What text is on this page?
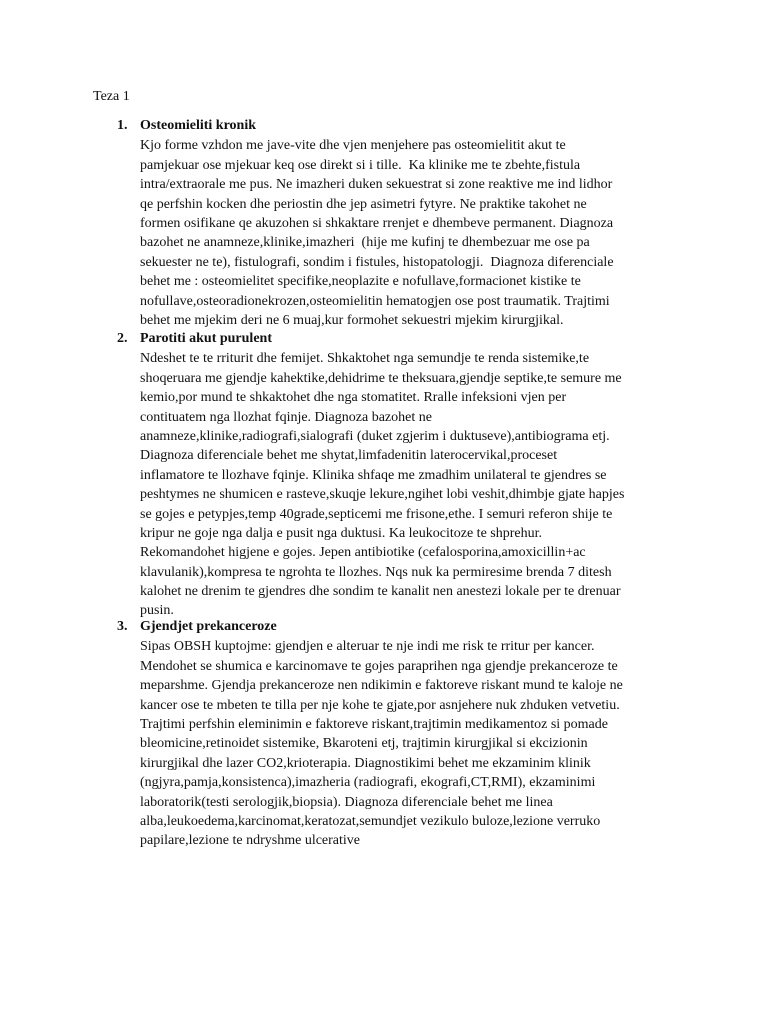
Teza 1
1. Osteomieliti kronik
Kjo forme vzhdon me jave-vite dhe vjen menjehere pas osteomielitit akut te
pamjekuar ose mjekuar keq ose direkt si i tille.  Ka klinike me te zbehte,fistula
intra/extraorale me pus. Ne imazheri duken sekuestrat si zone reaktive me ind lidhor
qe perfshin kocken dhe periostin dhe jep asimetri fytyre. Ne praktike takohet ne
formen osifikane qe akuzohen si shkaktare rrenjet e dhembeve permanent. Diagnoza
bazohet ne anamneze,klinike,imazheri  (hije me kufinj te dhembezuar me ose pa
sekuester ne te), fistulografi, sondim i fistules, histopatologji.  Diagnoza diferenciale
behet me : osteomielitet specifike,neoplazite e nofullave,formacionet kistike te
nofullave,osteoradionekrozen,osteomielitin hematogjen ose post traumatik. Trajtimi
behet me mjekim deri ne 6 muaj,kur formohet sekuestri mjekim kirurgjikal.
2. Parotiti akut purulent
Ndeshet te te rriturit dhe femijet. Shkaktohet nga semundje te renda sistemike,te
shoqeruara me gjendje kahektike,dehidrime te theksuara,gjendje septike,te semure me
kemio,por mund te shkaktohet dhe nga stomatitet. Rralle infeksioni vjen per
contituatem nga llozhat fqinje. Diagnoza bazohet ne
anamneze,klinike,radiografi,sialografi (duket zgjerim i duktuseve),antibiograma etj.
Diagnoza diferenciale behet me shytat,limfadenitin laterocervikal,proceset
inflamatore te llozhave fqinje. Klinika shfaqe me zmadhim unilateral te gjendres se
peshtymes ne shumicen e rasteve,skuqje lekure,ngihet lobi veshit,dhimbje gjate hapjes
se gojes e petypjes,temp 40grade,septicemi me frisone,ethe. I semuri referon shije te
kripur ne goje nga dalja e pusit nga duktusi. Ka leukocitoze te shprehur.
Rekomandohet higjene e gojes. Jepen antibiotike (cefalosporina,amoxicillin+ac
klavulanik),kompresa te ngrohta te llozhes. Nqs nuk ka permiresime brenda 7 ditesh
kalohet ne drenim te gjendres dhe sondim te kanalit nen anestezi lokale per te drenuar
pusin.
3. Gjendjet prekanceroze
Sipas OBSH kuptojme: gjendjen e alteruar te nje indi me risk te rritur per kancer.
Mendohet se shumica e karcinomave te gojes paraprihen nga gjendje prekanceroze te
meparshme. Gjendja prekanceroze nen ndikimin e faktoreve riskant mund te kaloje ne
kancer ose te mbeten te tilla per nje kohe te gjate,por asnjehere nuk zhduken vetvetiu.
Trajtimi perfshin eleminimin e faktoreve riskant,trajtimin medikamentoz si pomade
bleomicine,retinoidet sistemike, Bkaroteni etj, trajtimin kirurgjikal si ekcizionin
kirurgjikal dhe lazer CO2,krioterapia. Diagnostikimi behet me ekzaminim klinik
(ngjyra,pamja,konsistenca),imazheria (radiografi, ekografi,CT,RMI), ekzaminimi
laboratorik(testi serologjik,biopsia). Diagnoza diferenciale behet me linea
alba,leukoedema,karcinomat,keratozat,semundjet vezikulo buloze,lezione verruko
papilare,lezione te ndryshme ulcerative
